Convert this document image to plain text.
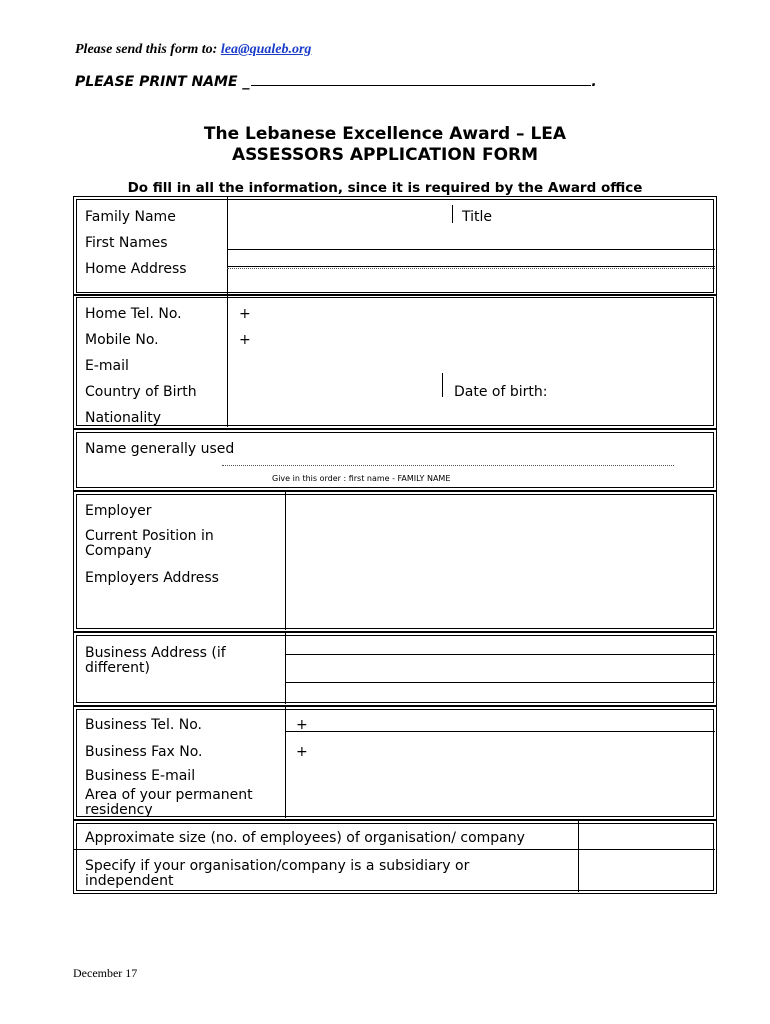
Please send this form to: lea@qualeb.org
PLEASE PRINT NAME _	.
The Lebanese Excellence Award – LEA
ASSESSORS APPLICATION FORM
Do fill in all the information, since it is required by the Award office
Family Name	Title
First Names
Home Address
Home Tel. No.	+
Mobile No.	+
E-mail
Country of Birth	Date of birth:
Nationality
Name generally used
Give in this order : first name - FAMILY NAME
Employer
Current Position in Company
Employers Address
Business Address (if different)
Business Tel. No.	+
Business Fax No.	+
Business E-mail
Area of your permanent residency
Approximate size (no. of employees) of organisation/ company
Specify if your organisation/company is a subsidiary or independent
December 17
